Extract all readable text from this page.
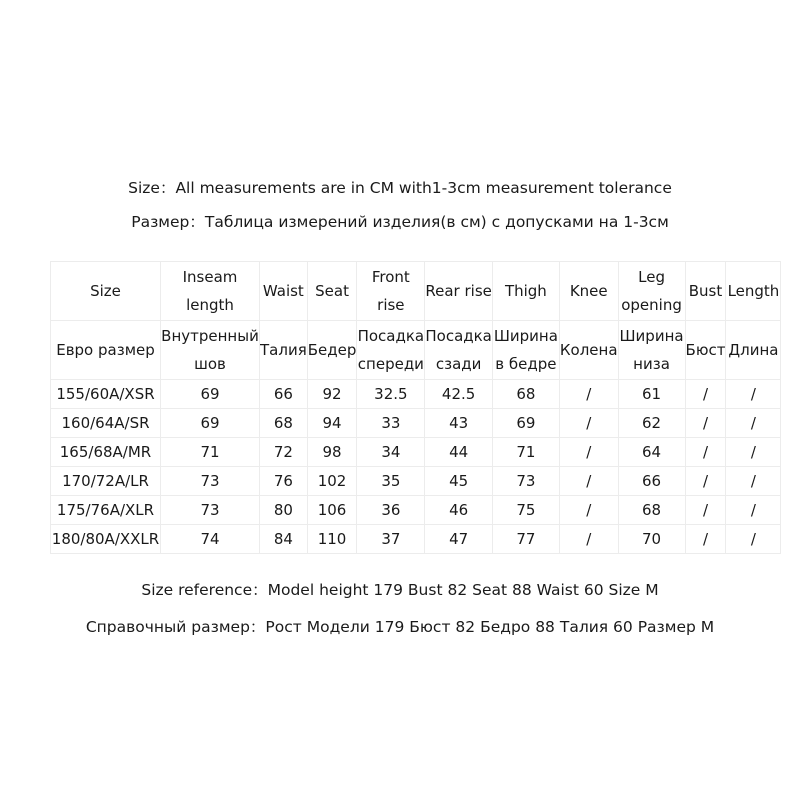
Size：All measurements are in CM with1-3cm measurement tolerance
Размер：Таблица измерений изделия(в см) с допусками на 1-3см
Size	Inseam length	Waist	Seat	Front rise	Rear rise	Thigh	Knee	Leg opening	Bust	Length
Евро размер	Внутренный шов	Талия	Бедер	Посадка спереди	Посадка сзади	Ширина в бедре	Колена	Ширина низа	Бюст	Длина
155/60A/XSR	69	66	92	32.5	42.5	68	/	61	/	/
160/64A/SR	69	68	94	33	43	69	/	62	/	/
165/68A/MR	71	72	98	34	44	71	/	64	/	/
170/72A/LR	73	76	102	35	45	73	/	66	/	/
175/76A/XLR	73	80	106	36	46	75	/	68	/	/
180/80A/XXLR	74	84	110	37	47	77	/	70	/	/
Size reference：Model height 179 Bust 82 Seat 88 Waist 60 Size M
Справочный размер：Рост Модели 179 Бюст 82 Бедро 88 Талия 60 Размер M
